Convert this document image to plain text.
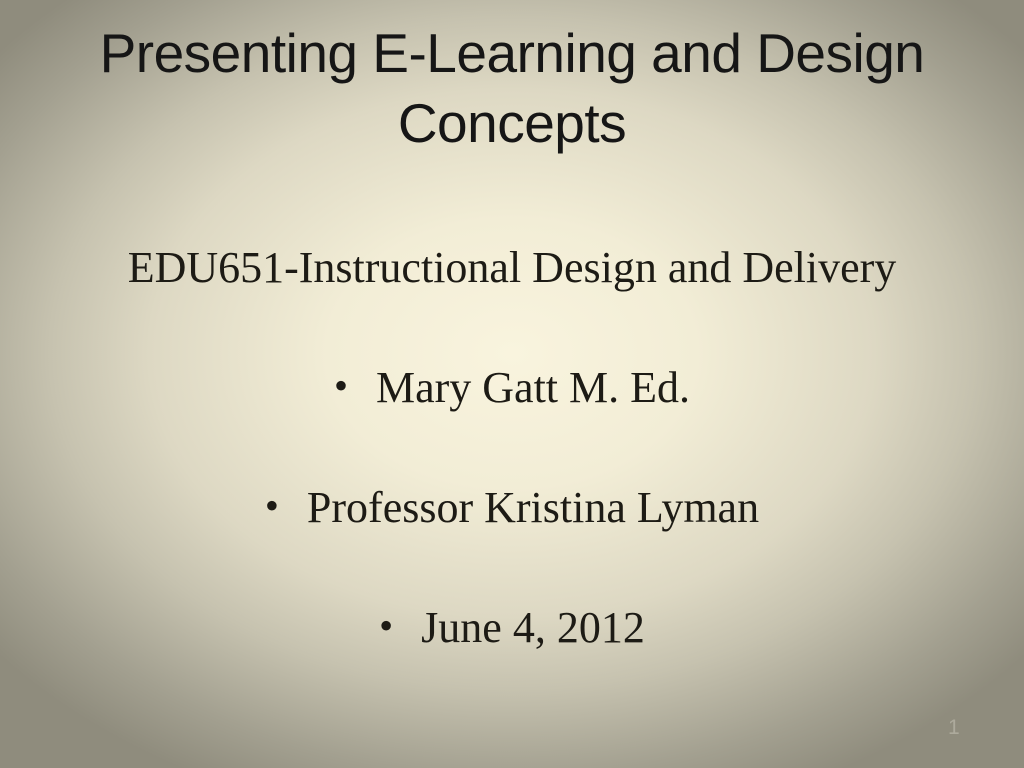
Presenting E-Learning and Design Concepts
EDU651-Instructional Design and Delivery
• Mary Gatt M. Ed.
• Professor Kristina Lyman
• June 4, 2012
1
